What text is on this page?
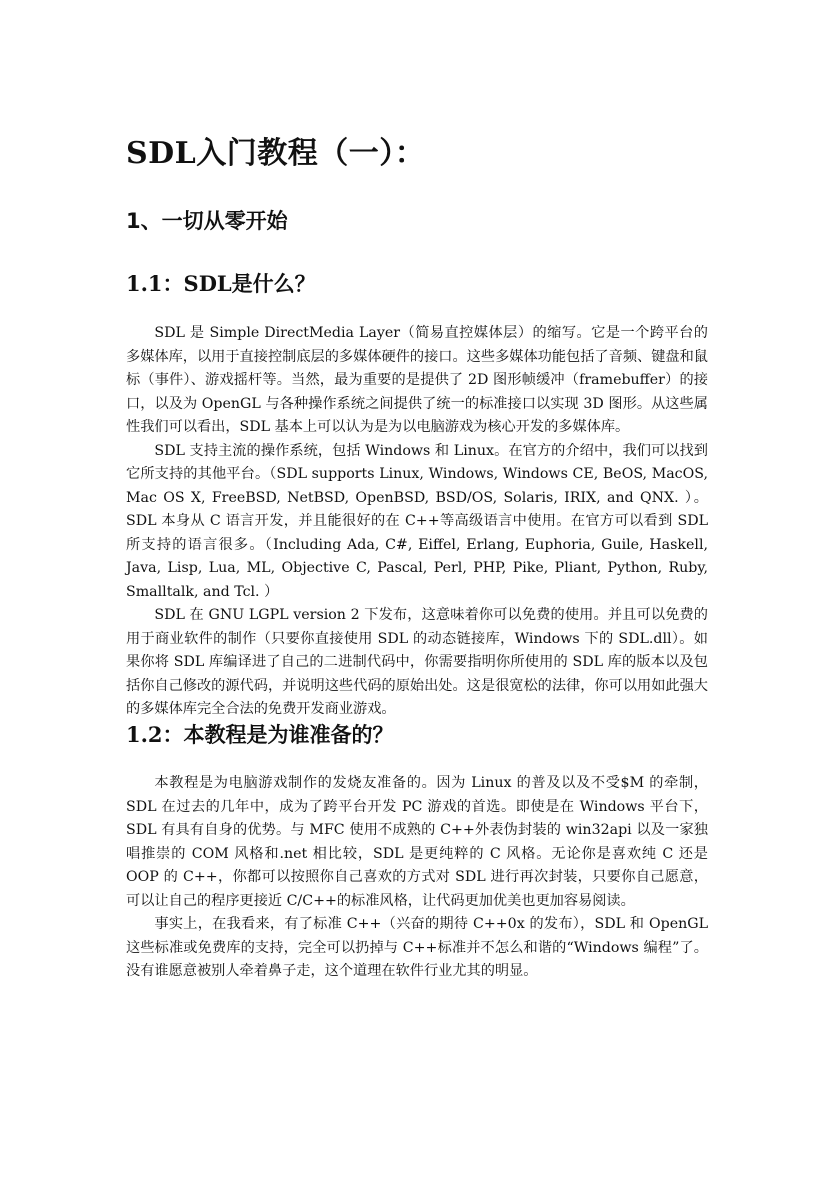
SDL入门教程（一）：
1、一切从零开始
1.1：SDL是什么？

SDL 是 Simple DirectMedia Layer（简易直控媒体层）的缩写。它是一个跨平台的多媒体库，以用于直接控制底层的多媒体硬件的接口。这些多媒体功能包括了音频、键盘和鼠标（事件）、游戏摇杆等。当然，最为重要的是提供了 2D 图形帧缓冲（framebuffer）的接口，以及为 OpenGL 与各种操作系统之间提供了统一的标准接口以实现 3D 图形。从这些属性我们可以看出，SDL 基本上可以认为是为以电脑游戏为核心开发的多媒体库。

SDL 支持主流的操作系统，包括 Windows 和 Linux。在官方的介绍中，我们可以找到它所支持的其他平台。（SDL supports Linux, Windows, Windows CE, BeOS, MacOS, Mac OS X, FreeBSD, NetBSD, OpenBSD, BSD/OS, Solaris, IRIX, and QNX. ）。SDL 本身从 C 语言开发，并且能很好的在 C++等高级语言中使用。在官方可以看到 SDL 所支持的语言很多。（Including Ada, C#, Eiffel, Erlang, Euphoria, Guile, Haskell, Java, Lisp, Lua, ML, Objective C, Pascal, Perl, PHP, Pike, Pliant, Python, Ruby, Smalltalk, and Tcl. ）

SDL 在 GNU LGPL version 2 下发布，这意味着你可以免费的使用。并且可以免费的用于商业软件的制作（只要你直接使用 SDL 的动态链接库，Windows 下的 SDL.dll）。如果你将 SDL 库编译进了自己的二进制代码中，你需要指明你所使用的 SDL 库的版本以及包括你自己修改的源代码，并说明这些代码的原始出处。这是很宽松的法律，你可以用如此强大的多媒体库完全合法的免费开发商业游戏。

1.2：本教程是为谁准备的？

本教程是为电脑游戏制作的发烧友准备的。因为 Linux 的普及以及不受$M 的牵制，SDL 在过去的几年中，成为了跨平台开发 PC 游戏的首选。即使是在 Windows 平台下，SDL 有具有自身的优势。与 MFC 使用不成熟的 C++外表伪封装的 win32api 以及一家独唱推崇的 COM 风格和.net 相比较，SDL 是更纯粹的 C 风格。无论你是喜欢纯 C 还是 OOP 的 C++，你都可以按照你自己喜欢的方式对 SDL 进行再次封装，只要你自己愿意，可以让自己的程序更接近 C/C++的标准风格，让代码更加优美也更加容易阅读。

事实上，在我看来，有了标准 C++（兴奋的期待 C++0x 的发布），SDL 和 OpenGL 这些标准或免费库的支持，完全可以扔掉与 C++标准并不怎么和谐的“Windows 编程”了。没有谁愿意被别人牵着鼻子走，这个道理在软件行业尤其的明显。
